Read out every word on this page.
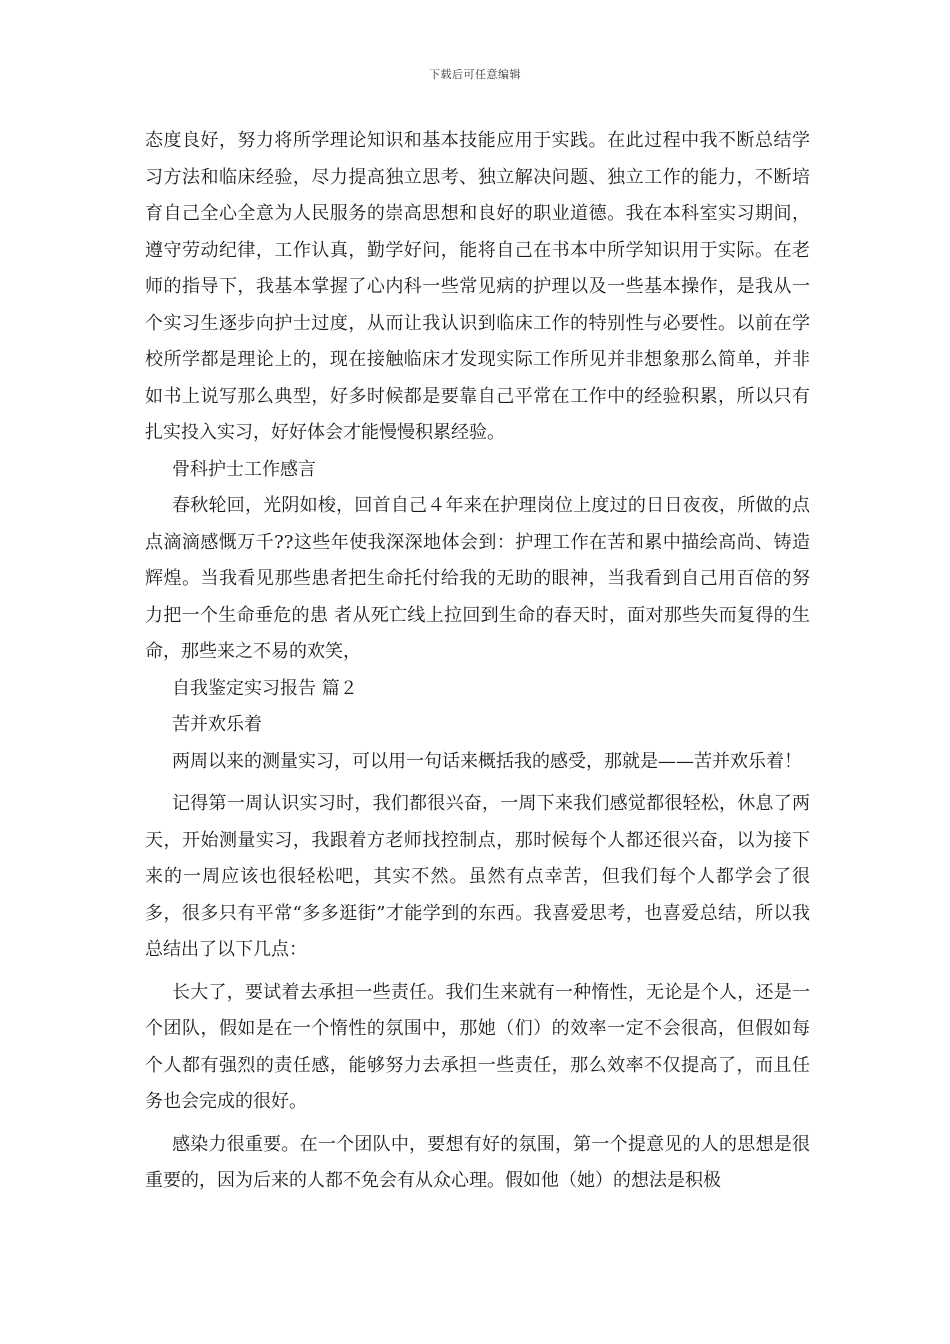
下载后可任意编辑

态度良好，努力将所学理论知识和基本技能应用于实践。在此过程中我不断总结学习方法和临床经验，尽力提高独立思考、独立解决问题、独立工作的能力，不断培育自己全心全意为人民服务的崇高思想和良好的职业道德。我在本科室实习期间，遵守劳动纪律，工作认真，勤学好问，能将自己在书本中所学知识用于实际。在老师的指导下，我基本掌握了心内科一些常见病的护理以及一些基本操作，是我从一个实习生逐步向护士过度，从而让我认识到临床工作的特别性与必要性。以前在学校所学都是理论上的，现在接触临床才发现实际工作所见并非想象那么简单，并非如书上说写那么典型，好多时候都是要靠自己平常在工作中的经验积累，所以只有扎实投入实习，好好体会才能慢慢积累经验。

骨科护士工作感言

春秋轮回，光阴如梭，回首自己４年来在护理岗位上度过的日日夜夜，所做的点点滴滴感慨万千??这些年使我深深地体会到：护理工作在苦和累中描绘高尚、铸造辉煌。当我看见那些患者把生命托付给我的无助的眼神，当我看到自己用百倍的努力把一个生命垂危的患 者从死亡线上拉回到生命的春天时，面对那些失而复得的生命，那些来之不易的欢笑，

自我鉴定实习报告 篇２

苦并欢乐着

两周以来的测量实习，可以用一句话来概括我的感受，那就是——苦并欢乐着！

记得第一周认识实习时，我们都很兴奋，一周下来我们感觉都很轻松，休息了两天，开始测量实习，我跟着方老师找控制点，那时候每个人都还很兴奋，以为接下来的一周应该也很轻松吧，其实不然。虽然有点幸苦，但我们每个人都学会了很多，很多只有平常“多多逛街”才能学到的东西。我喜爱思考，也喜爱总结，所以我总结出了以下几点：

长大了，要试着去承担一些责任。我们生来就有一种惰性，无论是个人，还是一个团队，假如是在一个惰性的氛围中，那她（们）的效率一定不会很高，但假如每个人都有强烈的责任感，能够努力去承担一些责任，那么效率不仅提高了，而且任务也会完成的很好。

感染力很重要。在一个团队中，要想有好的氛围，第一个提意见的人的思想是很重要的，因为后来的人都不免会有从众心理。假如他（她）的想法是积极
